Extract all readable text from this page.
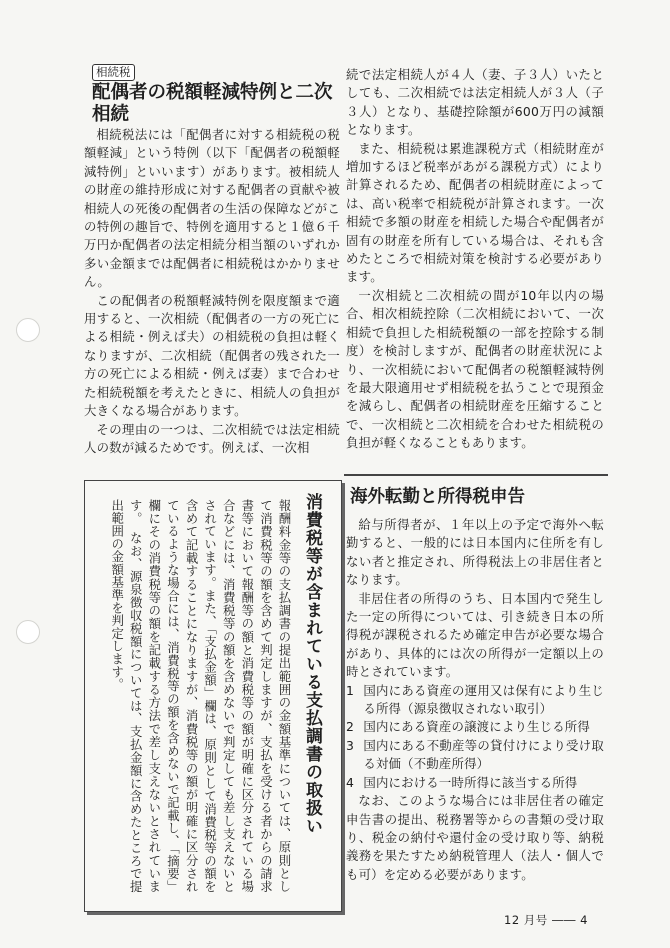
相続税
配偶者の税額軽減特例と二次相続

相続税法には「配偶者に対する相続税の税額軽減」という特例（以下「配偶者の税額軽減特例」といいます）があります。被相続人の財産の維持形成に対する配偶者の貢献や被相続人の死後の配偶者の生活の保障などがこの特例の趣旨で、特例を適用すると１億６千万円か配偶者の法定相続分相当額のいずれか多い金額までは配偶者に相続税はかかりません。

この配偶者の税額軽減特例を限度額まで適用すると、一次相続（配偶者の一方の死亡による相続・例えば夫）の相続税の負担は軽くなりますが、二次相続（配偶者の残された一方の死亡による相続・例えば妻）まで合わせた相続税額を考えたときに、相続人の負担が大きくなる場合があります。

その理由の一つは、二次相続では法定相続人の数が減るためです。例えば、一次相

続で法定相続人が４人（妻、子３人）いたとしても、二次相続では法定相続人が３人（子３人）となり、基礎控除額が600万円の減額となります。

また、相続税は累進課税方式（相続財産が増加するほど税率があがる課税方式）により計算されるため、配偶者の相続財産によっては、高い税率で相続税が計算されます。一次相続で多額の財産を相続した場合や配偶者が固有の財産を所有している場合は、それも含めたところで相続対策を検討する必要があります。

一次相続と二次相続の間が10年以内の場合、相次相続控除（二次相続において、一次相続で負担した相続税額の一部を控除する制度）を検討しますが、配偶者の財産状況により、一次相続において配偶者の税額軽減特例を最大限適用せず相続税を払うことで現預金を減らし、配偶者の相続財産を圧縮することで、一次相続と二次相続を合わせた相続税の負担が軽くなることもあります。

消費税等が含まれている支払調書の取扱い
報酬料金等の支払調書の提出範囲の金額基準については、原則として消費税等の額を含めて判定しますが、支払を受ける者からの請求書等において報酬等の額と消費税等の額が明確に区分されている場合などには、消費税等の額を含めないで判定しても差し支えないとされています。また、「支払金額」欄は、原則として消費税等の額を含めて記載することになりますが、消費税等の額が明確に区分されているような場合には、消費税等の額を含めないで記載し、「摘要」欄にその消費税等の額を記載する方法で差し支えないとされています。　なお、源泉徴収税額については、支払金額に含めたところで提出範囲の金額基準を判定します。
海外転勤と所得税申告

給与所得者が、１年以上の予定で海外へ転勤すると、一般的には日本国内に住所を有しない者と推定され、所得税法上の非居住者となります。

非居住者の所得のうち、日本国内で発生した一定の所得については、引き続き日本の所得税が課税されるため確定申告が必要な場合があり、具体的には次の所得が一定額以上の時とされています。

1 国内にある資産の運用又は保有により生じる所得（源泉徴収されない取引）

2 国内にある資産の譲渡により生じる所得

3 国内にある不動産等の貸付けにより受け取る対価（不動産所得）

4 国内における一時所得に該当する所得

なお、このような場合には非居住者の確定申告書の提出、税務署等からの書類の受け取り、税金の納付や還付金の受け取り等、納税義務を果たすため納税管理人（法人・個人でも可）を定める必要があります。

12 月号 ―― 4
